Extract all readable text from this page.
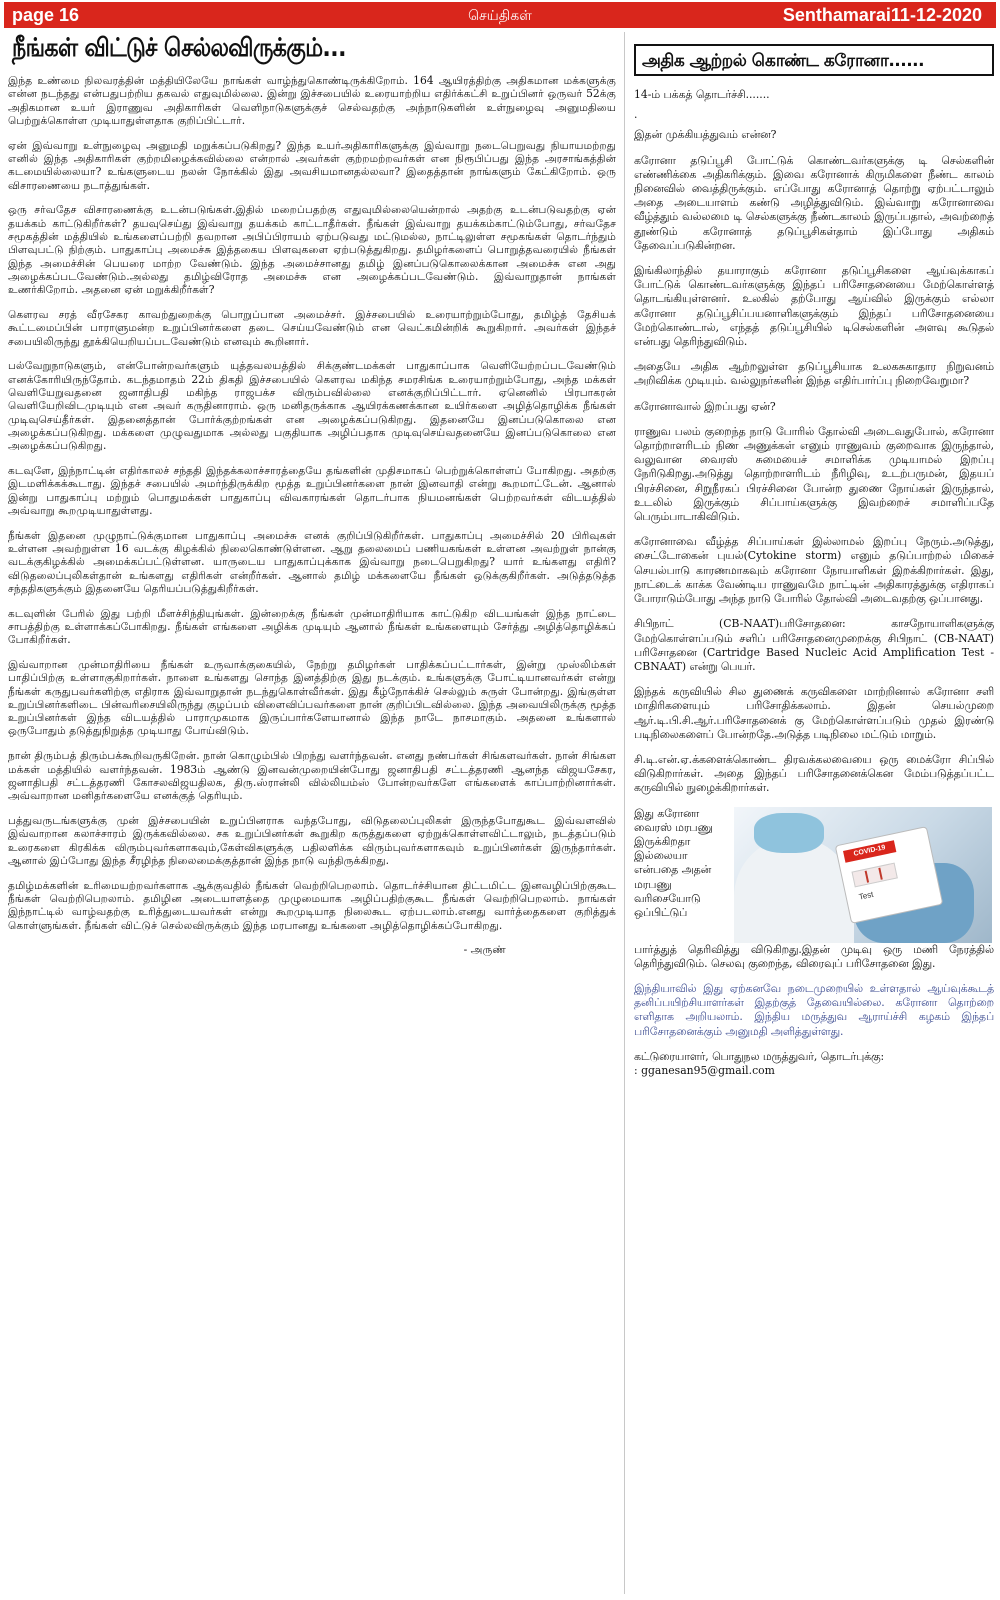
page 16	செய்திகள்	Senthamarai11-12-2020
நீங்கள் விட்டுச் செல்லவிருக்கும்...

இந்த உண்மை நிலவரத்தின் மத்தியிலேயே நாங்கள் வாழ்ந்துகொண்டிருக்கிறோம். 164 ஆயிரத்திற்கு அதிகமான மக்களுக்கு என்ன நடந்தது என்பதுபற்றிய தகவல் எதுவுமில்லை. இன்று இச்சபையில் உரையாற்றிய எதிர்க்கட்சி உறுப்பினர் ஒருவர் 52க்கு அதிகமான உயர் இராணுவ அதிகாரிகள் வெளிநாடுகளுக்குச் செல்வதற்கு அந்நாடுகளின் உள்நுழைவு அனுமதியை பெற்றுக்கொள்ள முடியாதுள்ளதாக குறிப்பிட்டார்.

ஏன் இவ்வாறு உள்நுழைவு அனுமதி மறுக்கப்படுகிறது? இந்த உயர்அதிகாரிகளுக்கு இவ்வாறு நடைபெறுவது நியாயமற்றது எனில் இந்த அதிகாரிகள் குற்றமிழைக்கவில்லை என்றால் அவர்கள் குற்றமற்றவர்கள் என நிரூபிப்பது இந்த அரசாங்கத்தின் கடமையில்லையா? உங்களுடைய நலன் நோக்கில் இது அவசியமானதல்லவா? இதைத்தான் நாங்களும் கேட்கிறோம். ஒரு விசாரணையை நடாத்துங்கள்.

ஒரு சர்வதேச விசாரணைக்கு உடன்படுங்கள்.இதில் மறைப்பதற்கு எதுவுமில்லையென்றால் அதற்கு உடன்படுவதற்கு ஏன் தயக்கம் காட்டுகிறீர்கள்? தயவுசெய்து இவ்வாறு தயக்கம் காட்டாதீர்கள். நீங்கள் இவ்வாறு தயக்கம்காட்டும்போது, சர்வதேச சமூகத்தின் மத்தியில் உங்களைப்பற்றி தவறான அபிப்பிராயம் ஏற்படுவது மட்டுமல்ல, நாட்டிலுள்ள சமூகங்கள் தொடர்ந்தும் பிளவுபட்டு நிற்கும். பாதுகாப்பு அமைச்சு இத்தகைய பிளவுகளை ஏற்படுத்துகிறது. தமிழர்களைப் பொறுத்தவரையில் நீங்கள் இந்த அமைச்சின் பெயரை மாற்ற வேண்டும். இந்த அமைச்சானது தமிழ் இனப்படுகொலைக்கான அமைச்சு என அது அழைக்கப்படவேண்டும்.அல்லது தமிழ்விரோத அமைச்சு என அழைக்கப்படவேண்டும். இவ்வாறுதான் நாங்கள் உணர்கிறோம். அதனை ஏன் மறுக்கிறீர்கள்?

கௌரவ சரத் வீரசேகர காவற்துறைக்கு பொறுப்பான அமைச்சர். இச்சபையில் உரையாற்றும்போது, தமிழ்த் தேசியக் கூட்டமைப்பின் பாராளுமன்ற உறுப்பினர்களை தடை செய்யவேண்டும் என வெட்கமின்றிக் கூறுகிறார். அவர்கள் இந்தச் சபையிலிருந்து தூக்கியெறியப்படவேண்டும் எனவும் கூறினார்.

பல்வேறுநாடுகளும், என்போன்றவர்களும் யுத்தவலயத்தில் சிக்குண்டமக்கள் பாதுகாப்பாக வெளியேற்றப்படவேண்டும் எனக்கோரியிருந்தோம். கடந்தமாதம் 22ம் திகதி இச்சபையில் கௌரவ மகிந்த சமரசிங்க உரையாற்றும்போது, அந்த மக்கள் வெளியேறுவதனை ஜனாதிபதி மகிந்த ராஜபக்ச விரும்பவில்லை எனக்குறிப்பிட்டார். ஏனெனில் பிரபாகரன் வெளியேறிவிடமுடியும் என அவர் கருதினாராம். ஒரு மனிதருக்காக ஆயிரக்கணக்கான உயிர்களை அழித்தொழிக்க நீங்கள் முடிவுசெய்தீர்கள். இதனைத்தான் போர்க்குற்றங்கள் என அழைக்கப்படுகிறது. இதனையே இனப்படுகொலை என அழைக்கப்படுகிறது. மக்களை முழுவதுமாக அல்லது பகுதியாக அழிப்பதாக முடிவுசெய்வதனையே இனப்படுகொலை என அழைக்கப்படுகிறது.

கடவுளே, இந்நாட்டின் எதிர்காலச் சந்ததி இந்தக்கலாச்சாரத்தையே தங்களின் முதிசமாகப் பெற்றுக்கொள்ளப் போகிறது. அதற்கு இடமளிக்கக்கூடாது. இந்தச் சபையில் அமர்ந்திருக்கிற மூத்த உறுப்பினர்களை நான் இனவாதி என்று கூறமாட்டேன். ஆனால் இன்று பாதுகாப்பு மற்றும் பொதுமக்கள் பாதுகாப்பு விவகாரங்கள் தொடர்பாக நியமனங்கள் பெற்றவர்கள் விடயத்தில் அவ்வாறு கூறமுடியாதுள்ளது.

நீங்கள் இதனை முழுநாட்டுக்குமான பாதுகாப்பு அமைச்சு எனக் குறிப்பிடுகிறீர்கள். பாதுகாப்பு அமைச்சில் 20 பிரிவுகள் உள்ளன அவற்றுள்ள 16 வடக்கு கிழக்கில் நிலைகொண்டுள்ளன. ஆறு தலைமைப் பணியகங்கள் உள்ளன அவற்றுள் நான்கு வடக்குகிழக்கில் அமைக்கப்பட்டுள்ளன. யாருடைய பாதுகாப்புக்காக இவ்வாறு நடைபெறுகிறது? யார் உங்களது எதிரி? விடுதலைப்புலிகள்தான் உங்களது எதிரிகள் என்றீர்கள். ஆனால் தமிழ் மக்களையே நீங்கள் ஒடுக்குகிறீர்கள். அடுத்தடுத்த சந்ததிகளுக்கும் இதனையே தெரியப்படுத்துகிறீர்கள்.

கடவுளின் பேரில் இது பற்றி மீளச்சிந்தியுங்கள். இன்றைக்கு நீங்கள் முன்மாதிரியாக காட்டுகிற விடயங்கள் இந்த நாட்டை சாபத்திற்கு உள்ளாக்கப்போகிறது. நீங்கள் எங்களை அழிக்க முடியும் ஆனால் நீங்கள் உங்களையும் சேர்த்து அழித்தொழிக்கப் போகிறீர்கள்.

இவ்வாறான முன்மாதிரியை நீங்கள் உருவாக்குகையில், நேற்று தமிழர்கள் பாதிக்கப்பட்டார்கள், இன்று முஸ்லிம்கள் பாதிப்பிற்கு உள்ளாகுகிறார்கள். நாளை உங்களது சொந்த இனத்திற்கு இது நடக்கும். உங்களுக்கு போட்டியானவர்கள் என்று நீங்கள் கருதுபவர்களிற்கு எதிராக இவ்வாறுதான் நடந்துகொள்வீர்கள். இது கீழ்நோக்கிச் செல்லும் சுருள் போன்றது. இங்குள்ள உறுப்பினர்களிடை பின்வரிசையிலிருந்து குழப்பம் விளைவிப்பவர்களை நான் குறிப்பிடவில்லை. இந்த அவையிலிருக்கு மூத்த உறுப்பினர்கள் இந்த விடயத்தில் பாராமுகமாக இருப்பார்களேயானால் இந்த நாடே நாசமாகும். அதனை உங்களால் ஒருபோதும் தடுத்துநிறுத்த முடியாது போய்விடும்.

நான் திரும்பத் திரும்பக்கூறிவருகிறேன். நான் கொழும்பில் பிறந்து வளர்ந்தவன். எனது நண்பர்கள் சிங்களவர்கள். நான் சிங்கள மக்கள் மத்தியில் வளர்ந்தவன். 1983ம் ஆண்டு இனவன்முறையின்போது ஜனாதிபதி சட்டத்தரணி ஆனந்த விஜயசேகர, ஜனாதிபதி சட்டத்தரணி கோசலவிஜயதிலக, திரு.ஸ்ரான்லி வில்லியம்ஸ் போன்றவர்களே எங்களைக் காப்பாற்றினார்கள். அவ்வாறான மனிதர்களையே எனக்குத் தெரியும்.

பத்துவருடங்களுக்கு முன் இச்சபையின் உறுப்பினராக வந்தபோது, விடுதலைப்புலிகள் இருந்தபோதுகூட இவ்வளவில் இவ்வாறான கலாச்சாரம் இருக்கவில்லை. சக உறுப்பினர்கள் கூறுகிற கருத்துகளை ஏற்றுக்கொள்ளவிட்டாலும், நடத்தப்படும் உரைகளை கிரகிக்க விரும்புவர்களாகவும்,கேள்விகளுக்கு பதிலளிக்க விரும்புவர்களாகவும் உறுப்பினர்கள் இருந்தார்கள். ஆனால் இப்போது இந்த சீரழிந்த நிலைமைக்குத்தான் இந்த நாடு வந்திருக்கிறது.

தமிழ்மக்களின் உரிமையற்றவர்களாக ஆக்குவதில் நீங்கள் வெற்றிபெறலாம். தொடர்ச்சியான திட்டமிட்ட இனவழிப்பிற்குகூட நீங்கள் வெற்றிபெறலாம். தமிழின அடையாளத்தை முழுமையாக அழிப்பதிற்குகூட நீங்கள் வெற்றிபெறலாம். நாங்கள் இந்நாட்டில் வாழ்வதற்கு உரித்துடையவர்கள் என்று கூறமுடியாத நிலைகூட ஏற்படலாம்.எனது வார்த்தைகளை குறித்துக் கொள்ளுங்கள். நீங்கள் விட்டுச் செல்லவிருக்கும் இந்த மரபானது உங்களை அழித்தொழிக்கப்போகிறது.

- அருண்

அதிக ஆற்றல் கொண்ட கரோனா......

14-ம் பக்கத் தொடர்ச்சி.......

.

இதன் முக்கியத்துவம் என்ன?

கரோனா தடுப்பூசி போட்டுக் கொண்டவர்களுக்கு டி செல்களின் எண்ணிக்கை அதிகரிக்கும். இவை கரோனாக் கிருமிகளை நீண்ட காலம் நினைவில் வைத்திருக்கும். எப்போது கரோனாத் தொற்று ஏற்பட்டாலும் அதை அடையாளம் கண்டு அழித்துவிடும். இவ்வாறு கரோனாவை வீழ்த்தும் வல்லமை டி செல்களுக்கு நீண்டகாலம் இருப்பதால், அவற்றைத் தூண்டும் கரோனாத் தடுப்பூசிகள்தாம் இப்போது அதிகம் தேவைப்படுகின்றன.

இங்கிலாந்தில் தயாராகும் கரோனா தடுப்பூசிகளை ஆய்வுக்காகப் போட்டுக் கொண்டவர்களுக்கு இந்தப் பரிசோதனையை மேற்கொள்ளத் தொடங்கியுள்ளனர். உலகில் தற்போது ஆய்வில் இருக்கும் எல்லா கரோனா தடுப்பூசிப்பயனாளிகளுக்கும் இந்தப் பரிசோதனையை மேற்கொண்டால், எந்தத் தடுப்பூசியில் டிசெல்களின் அளவு கூடுதல் என்பது தெரிந்துவிடும்.

அதையே அதிக ஆற்றலுள்ள தடுப்பூசியாக உலகசுகாதார நிறுவனம் அறிவிக்க முடியும். வல்லுநர்களின் இந்த எதிர்பார்ப்பு நிறைவேறுமா?

கரோனாவால் இறப்பது ஏன்?

ராணுவ பலம் குறைந்த நாடு போரில் தோல்வி அடைவதுபோல், கரோனா தொற்றாளரிடம் நிண அணுக்கள் எனும் ராணுவம் குறைவாக இருந்தால், வலுவான வைரஸ் சுமையைச் சமாளிக்க முடியாமல் இறப்பு நேரிடுகிறது.அடுத்து தொற்றாளரிடம் நீரிழிவு, உடற்பருமன், இதயப் பிரச்சினை, சிறுநீரகப் பிரச்சினை போன்ற துணை நோய்கள் இருந்தால், உடலில் இருக்கும் சிப்பாய்களுக்கு இவற்றைச் சமாளிப்பதே பெரும்பாடாகிவிடும்.

கரோனாவை வீழ்த்த சிப்பாய்கள் இல்லாமல் இறப்பு நேரும்.அடுத்து, சைட்டோகைன் புயல்(Cytokine storm) எனும் தடுப்பாற்றல் மிகைச் செயல்பாடு காரணமாகவும் கரோனா நோயாளிகள் இறக்கிறார்கள். இது, நாட்டைக் காக்க வேண்டிய ராணுவமே நாட்டின் அதிகாரத்துக்கு எதிராகப் போராடும்போது அந்த நாடு போரில் தோல்வி அடைவதற்கு ஒப்பானது.

சிபிநாட் (CB-NAAT)பரிசோதனை: காசநோயாளிகளுக்கு மேற்கொள்ளப்படும் சளிப் பரிசோதனைமுறைக்கு சிபிநாட் (CB-NAAT) பரிசோதனை (Cartridge Based Nucleic Acid Amplification Test - CBNAAT) என்று பெயர்.

இந்தக் கருவியில் சில துணைக் கருவிகளை மாற்றினால் கரோனா சளி மாதிரிகளையும் பரிசோதிக்கலாம். இதன் செயல்முறை ஆர்.டி.பி.சி.ஆர்.பரிசோதனைக் கு மேற்கொள்ளப்படும் முதல் இரண்டு படிநிலைகளைப் போன்றதே.அடுத்த படிநிலை மட்டும் மாறும்.

சி.டி.என்.ஏ.க்களைக்கொண்ட திரவக்கலவையை ஒரு மைக்ரோ சிப்பில் விடுகிறார்கள். அதை இந்தப் பரிசோதனைக்கென மேம்படுத்தப்பட்ட கருவியில் நுழைக்கிறார்கள்.

இது கரோனா வைரஸ் மரபணு இருக்கிறதா இல்லையா என்பதை அதன் மரபணு வரிசையோடு ஒப்பிட்டுப்

COVID-19
Test

பார்த்துத் தெரிவித்து விடுகிறது.இதன் முடிவு ஒரு மணி நேரத்தில் தெரிந்துவிடும். செலவு குறைந்த, விரைவுப் பரிசோதனை இது.

இந்தியாவில் இது ஏற்கனவே நடைமுறையில் உள்ளதால் ஆய்வுக்கூடத் தனிப்பயிற்சியாளர்கள் இதற்குத் தேவையில்லை. கரோனா தொற்றை எளிதாக அறியலாம். இந்திய மருத்துவ ஆராய்ச்சி கழகம் இந்தப் பரிசோதனைக்கும் அனுமதி அளித்துள்ளது.

கட்டுரையாளர், பொதுநல மருத்துவர், தொடர்புக்கு:

: gganesan95@gmail.com
